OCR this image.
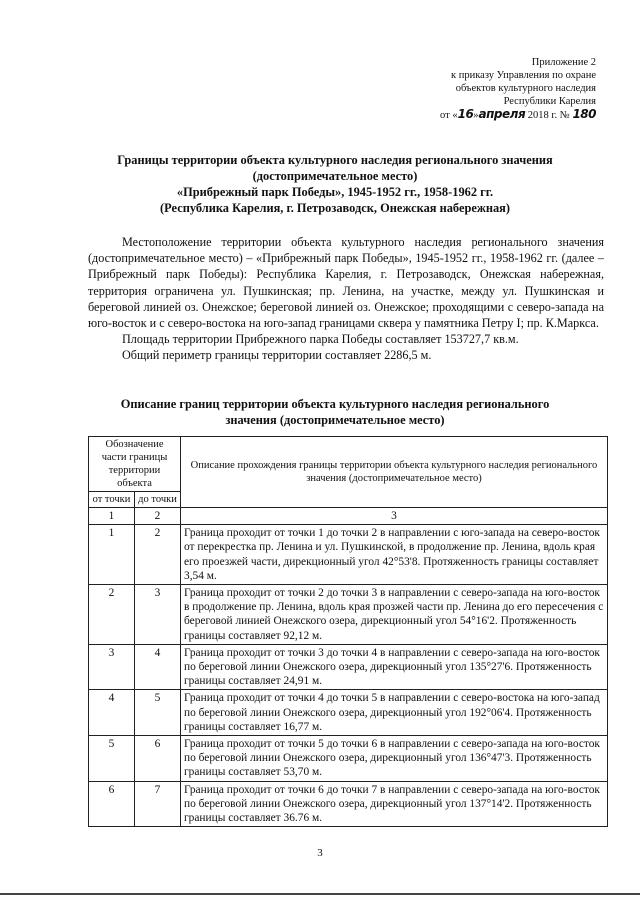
Приложение 2
к приказу Управления по охране
объектов культурного наследия
Республики Карелия
от «16»апреля 2018 г. № 180
Границы территории объекта культурного наследия регионального значения
(достопримечательное место)
«Прибрежный парк Победы», 1945-1952 гг., 1958-1962 гг.
(Республика Карелия, г. Петрозаводск, Онежская набережная)

Местоположение территории объекта культурного наследия регионального значения (достопримечательное место) – «Прибрежный парк Победы», 1945-1952 гг., 1958-1962 гг. (далее – Прибрежный парк Победы): Республика Карелия, г. Петрозаводск, Онежская набережная, территория ограничена ул. Пушкинская; пр. Ленина, на участке, между ул. Пушкинская и береговой линией оз. Онежское; береговой линией оз. Онежское; проходящими с северо-запада на юго-восток и с северо-востока на юго-запад границами сквера у памятника Петру I; пр. К.Маркса.

Площадь территории Прибрежного парка Победы составляет 153727,7 кв.м.

Общий периметр границы территории составляет 2286,5 м.

Описание границ территории объекта культурного наследия регионального
значения (достопримечательное место)
Обозначение части границы территории объекта		Описание прохождения границы территории объекта культурного наследия регионального значения (достопримечательное место)
от точки	до точки	
1	2	3
1	2	Граница проходит от точки 1 до точки 2 в направлении с юго-запада на северо-восток от перекрестка пр. Ленина и ул. Пушкинской, в продолжение пр. Ленина, вдоль края его проезжей части, дирекционный угол 42°53'8. Протяженность границы составляет 3,54 м.
2	3	Граница проходит от точки 2 до точки 3 в направлении с северо-запада на юго-восток в продолжение пр. Ленина, вдоль края прозжей части пр. Ленина до его пересечения с береговой линией Онежского озера, дирекционный угол 54°16'2. Протяженность границы составляет 92,12 м.
3	4	Граница проходит от точки 3 до точки 4 в направлении с северо-запада на юго-восток по береговой линии Онежского озера, дирекционный угол 135°27'6. Протяженность границы составляет 24,91 м.
4	5	Граница проходит от точки 4 до точки 5 в направлении с северо-востока на юго-запад по береговой линии Онежского озера, дирекционный угол 192°06'4. Протяженность границы составляет 16,77 м.
5	6	Граница проходит от точки 5 до точки 6 в направлении с северо-запада на юго-восток по береговой линии Онежского озера, дирекционный угол 136°47'3. Протяженность границы составляет 53,70 м.
6	7	Граница проходит от точки 6 до точки 7 в направлении с северо-запада на юго-восток по береговой линии Онежского озера, дирекционный угол 137°14'2. Протяженность границы составляет 36.76 м.
3
